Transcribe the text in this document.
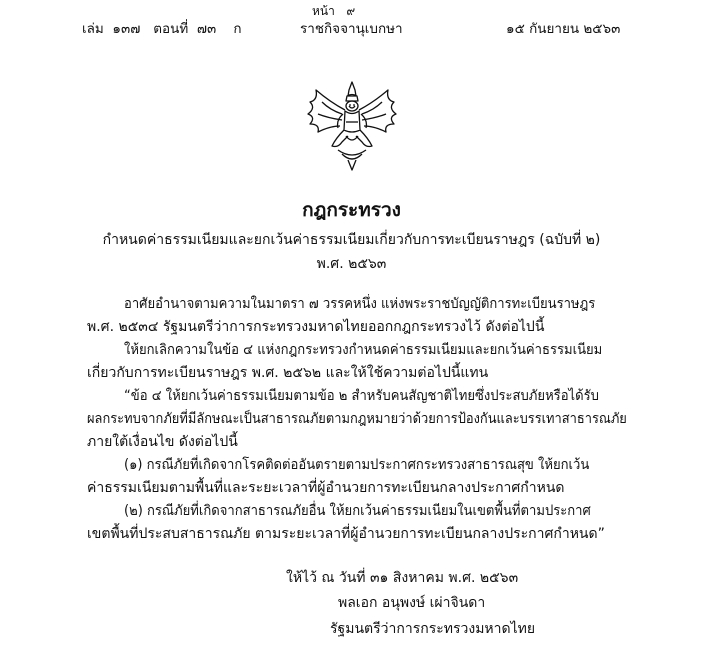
หน้า ๙
เล่ม ๑๓๗ ตอนที่ ๗๓ ก	ราชกิจจานุเบกษา	๑๕ กันยายน ๒๕๖๓
กฎกระทรวง
กำหนดค่าธรรมเนียมและยกเว้นค่าธรรมเนียมเกี่ยวกับการทะเบียนราษฎร (ฉบับที่ ๒)
พ.ศ. ๒๕๖๓
อาศัยอำนาจตามความในมาตรา ๗ วรรคหนึ่ง แห่งพระราชบัญญัติการทะเบียนราษฎร
พ.ศ. ๒๕๓๔ รัฐมนตรีว่าการกระทรวงมหาดไทยออกกฎกระทรวงไว้ ดังต่อไปนี้
ให้ยกเลิกความในข้อ ๔ แห่งกฎกระทรวงกำหนดค่าธรรมเนียมและยกเว้นค่าธรรมเนียม
เกี่ยวกับการทะเบียนราษฎร พ.ศ. ๒๕๖๒ และให้ใช้ความต่อไปนี้แทน
“ข้อ ๔ ให้ยกเว้นค่าธรรมเนียมตามข้อ ๒ สำหรับคนสัญชาติไทยซึ่งประสบภัยหรือได้รับ
ผลกระทบจากภัยที่มีลักษณะเป็นสาธารณภัยตามกฎหมายว่าด้วยการป้องกันและบรรเทาสาธารณภัย
ภายใต้เงื่อนไข ดังต่อไปนี้
(๑) กรณีภัยที่เกิดจากโรคติดต่ออันตรายตามประกาศกระทรวงสาธารณสุข ให้ยกเว้น
ค่าธรรมเนียมตามพื้นที่และระยะเวลาที่ผู้อำนวยการทะเบียนกลางประกาศกำหนด
(๒) กรณีภัยที่เกิดจากสาธารณภัยอื่น ให้ยกเว้นค่าธรรมเนียมในเขตพื้นที่ตามประกาศ
เขตพื้นที่ประสบสาธารณภัย ตามระยะเวลาที่ผู้อำนวยการทะเบียนกลางประกาศกำหนด”
ให้ไว้ ณ วันที่ ๓๑ สิงหาคม พ.ศ. ๒๕๖๓
พลเอก อนุพงษ์ เผ่าจินดา
รัฐมนตรีว่าการกระทรวงมหาดไทย
